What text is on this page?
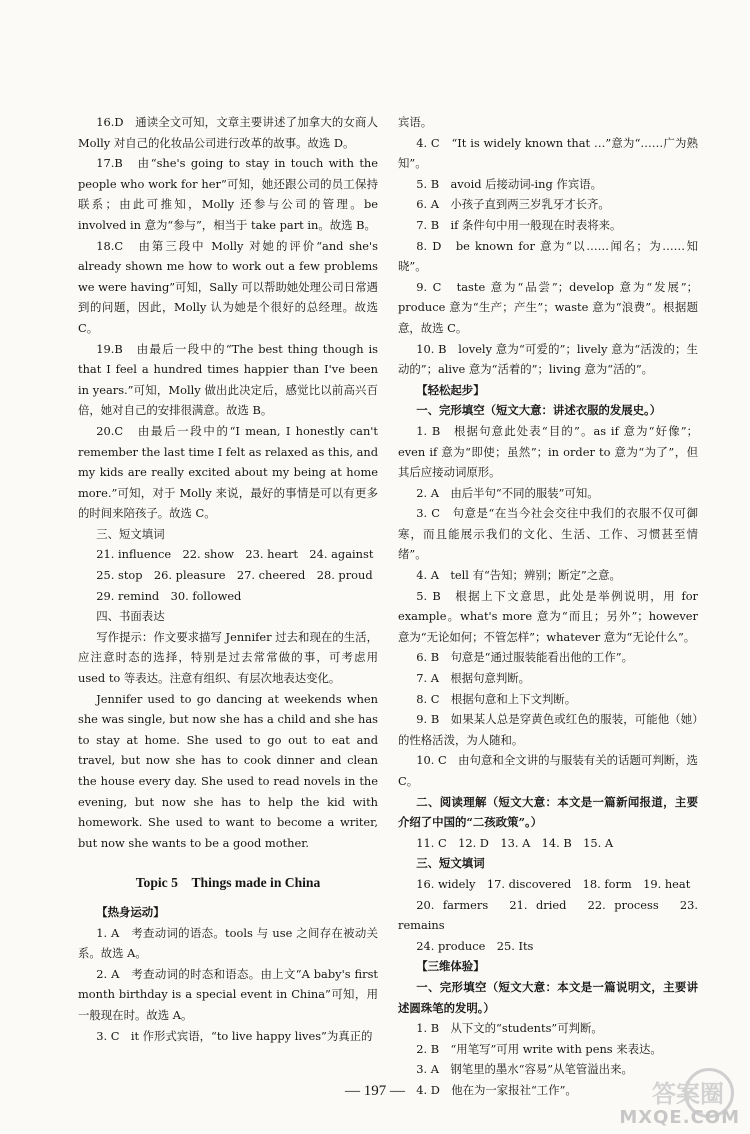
16.D　通读全文可知，文章主要讲述了加拿大的女商人 Molly 对自己的化妆品公司进行改革的故事。故选 D。

17.B　由“she's going to stay in touch with the people who work for her”可知，她还跟公司的员工保持联系；由此可推知，Molly 还参与公司的管理。be involved in 意为“参与”，相当于 take part in。故选 B。

18.C　由第三段中 Molly 对她的评价“and she's already shown me how to work out a few problems we were having”可知，Sally 可以帮助她处理公司日常遇到的问题，因此，Molly 认为她是个很好的总经理。故选 C。

19.B　由最后一段中的“The best thing though is that I feel a hundred times happier than I've been in years.”可知，Molly 做出此决定后，感觉比以前高兴百倍，她对自己的安排很满意。故选 B。

20.C　由最后一段中的“I mean, I honestly can't remember the last time I felt as relaxed as this, and my kids are really excited about my being at home more.”可知，对于 Molly 来说，最好的事情是可以有更多的时间来陪孩子。故选 C。

三、短文填词

21. influence　22. show　23. heart　24. against

25. stop　26. pleasure　27. cheered　28. proud

29. remind　30. followed

四、书面表达

写作提示：作文要求描写 Jennifer 过去和现在的生活，应注意时态的选择，特别是过去常常做的事，可考虑用 used to 等表达。注意有组织、有层次地表达变化。

Jennifer used to go dancing at weekends when she was single, but now she has a child and she has to stay at home. She used to go out to eat and travel, but now she has to cook dinner and clean the house every day. She used to read novels in the evening, but now she has to help the kid with homework. She used to want to become a writer, but now she wants to be a good mother.

Topic 5　Things made in China

【热身运动】

1. A　考查动词的语态。tools 与 use 之间存在被动关系。故选 A。

2. A　考查动词的时态和语态。由上文“A baby's first month birthday is a special event in China”可知，用一般现在时。故选 A。

3. C　it 作形式宾语，“to live happy lives”为真正的

宾语。

4. C　“It is widely known that …”意为“……广为熟知”。

5. B　avoid 后接动词-ing 作宾语。

6. A　小孩子直到两三岁乳牙才长齐。

7. B　if 条件句中用一般现在时表将来。

8. D　be known for 意为“以……闻名；为……知晓”。

9. C　taste 意为“品尝”；develop 意为“发展”；produce 意为“生产；产生”；waste 意为“浪费”。根据题意，故选 C。

10. B　lovely 意为“可爱的”；lively 意为“活泼的；生动的”；alive 意为“活着的”；living 意为“活的”。

【轻松起步】

一、完形填空（短文大意：讲述衣服的发展史。）

1. B　根据句意此处表“目的”。as if 意为“好像”；even if 意为“即使；虽然”；in order to 意为“为了”，但其后应接动词原形。

2. A　由后半句“不同的服装”可知。

3. C　句意是“在当今社会交往中我们的衣服不仅可御寒，而且能展示我们的文化、生活、工作、习惯甚至情绪”。

4. A　tell 有“告知；辨别；断定”之意。

5. B　根据上下文意思，此处是举例说明，用 for example。what's more 意为“而且；另外”；however 意为“无论如何；不管怎样”；whatever 意为“无论什么”。

6. B　句意是“通过服装能看出他的工作”。

7. A　根据句意判断。

8. C　根据句意和上下文判断。

9. B　如果某人总是穿黄色或红色的服装，可能他（她）的性格活泼，为人随和。

10. C　由句意和全文讲的与服装有关的话题可判断，选 C。

二、阅读理解（短文大意：本文是一篇新闻报道，主要介绍了中国的“二孩政策”。）

11. C　12. D　13. A　14. B　15. A

三、短文填词

16. widely　17. discovered　18. form　19. heat

20. farmers　21. dried　22. process　23. remains

24. produce　25. Its

【三维体验】

一、完形填空（短文大意：本文是一篇说明文，主要讲述圆珠笔的发明。）

1. B　从下文的“students”可判断。

2. B　“用笔写”可用 write with pens 来表达。

3. A　钢笔里的墨水“容易”从笔管溢出来。

4. D　他在为一家报社“工作”。

— 197 —	答案圈
MXQE.COM
